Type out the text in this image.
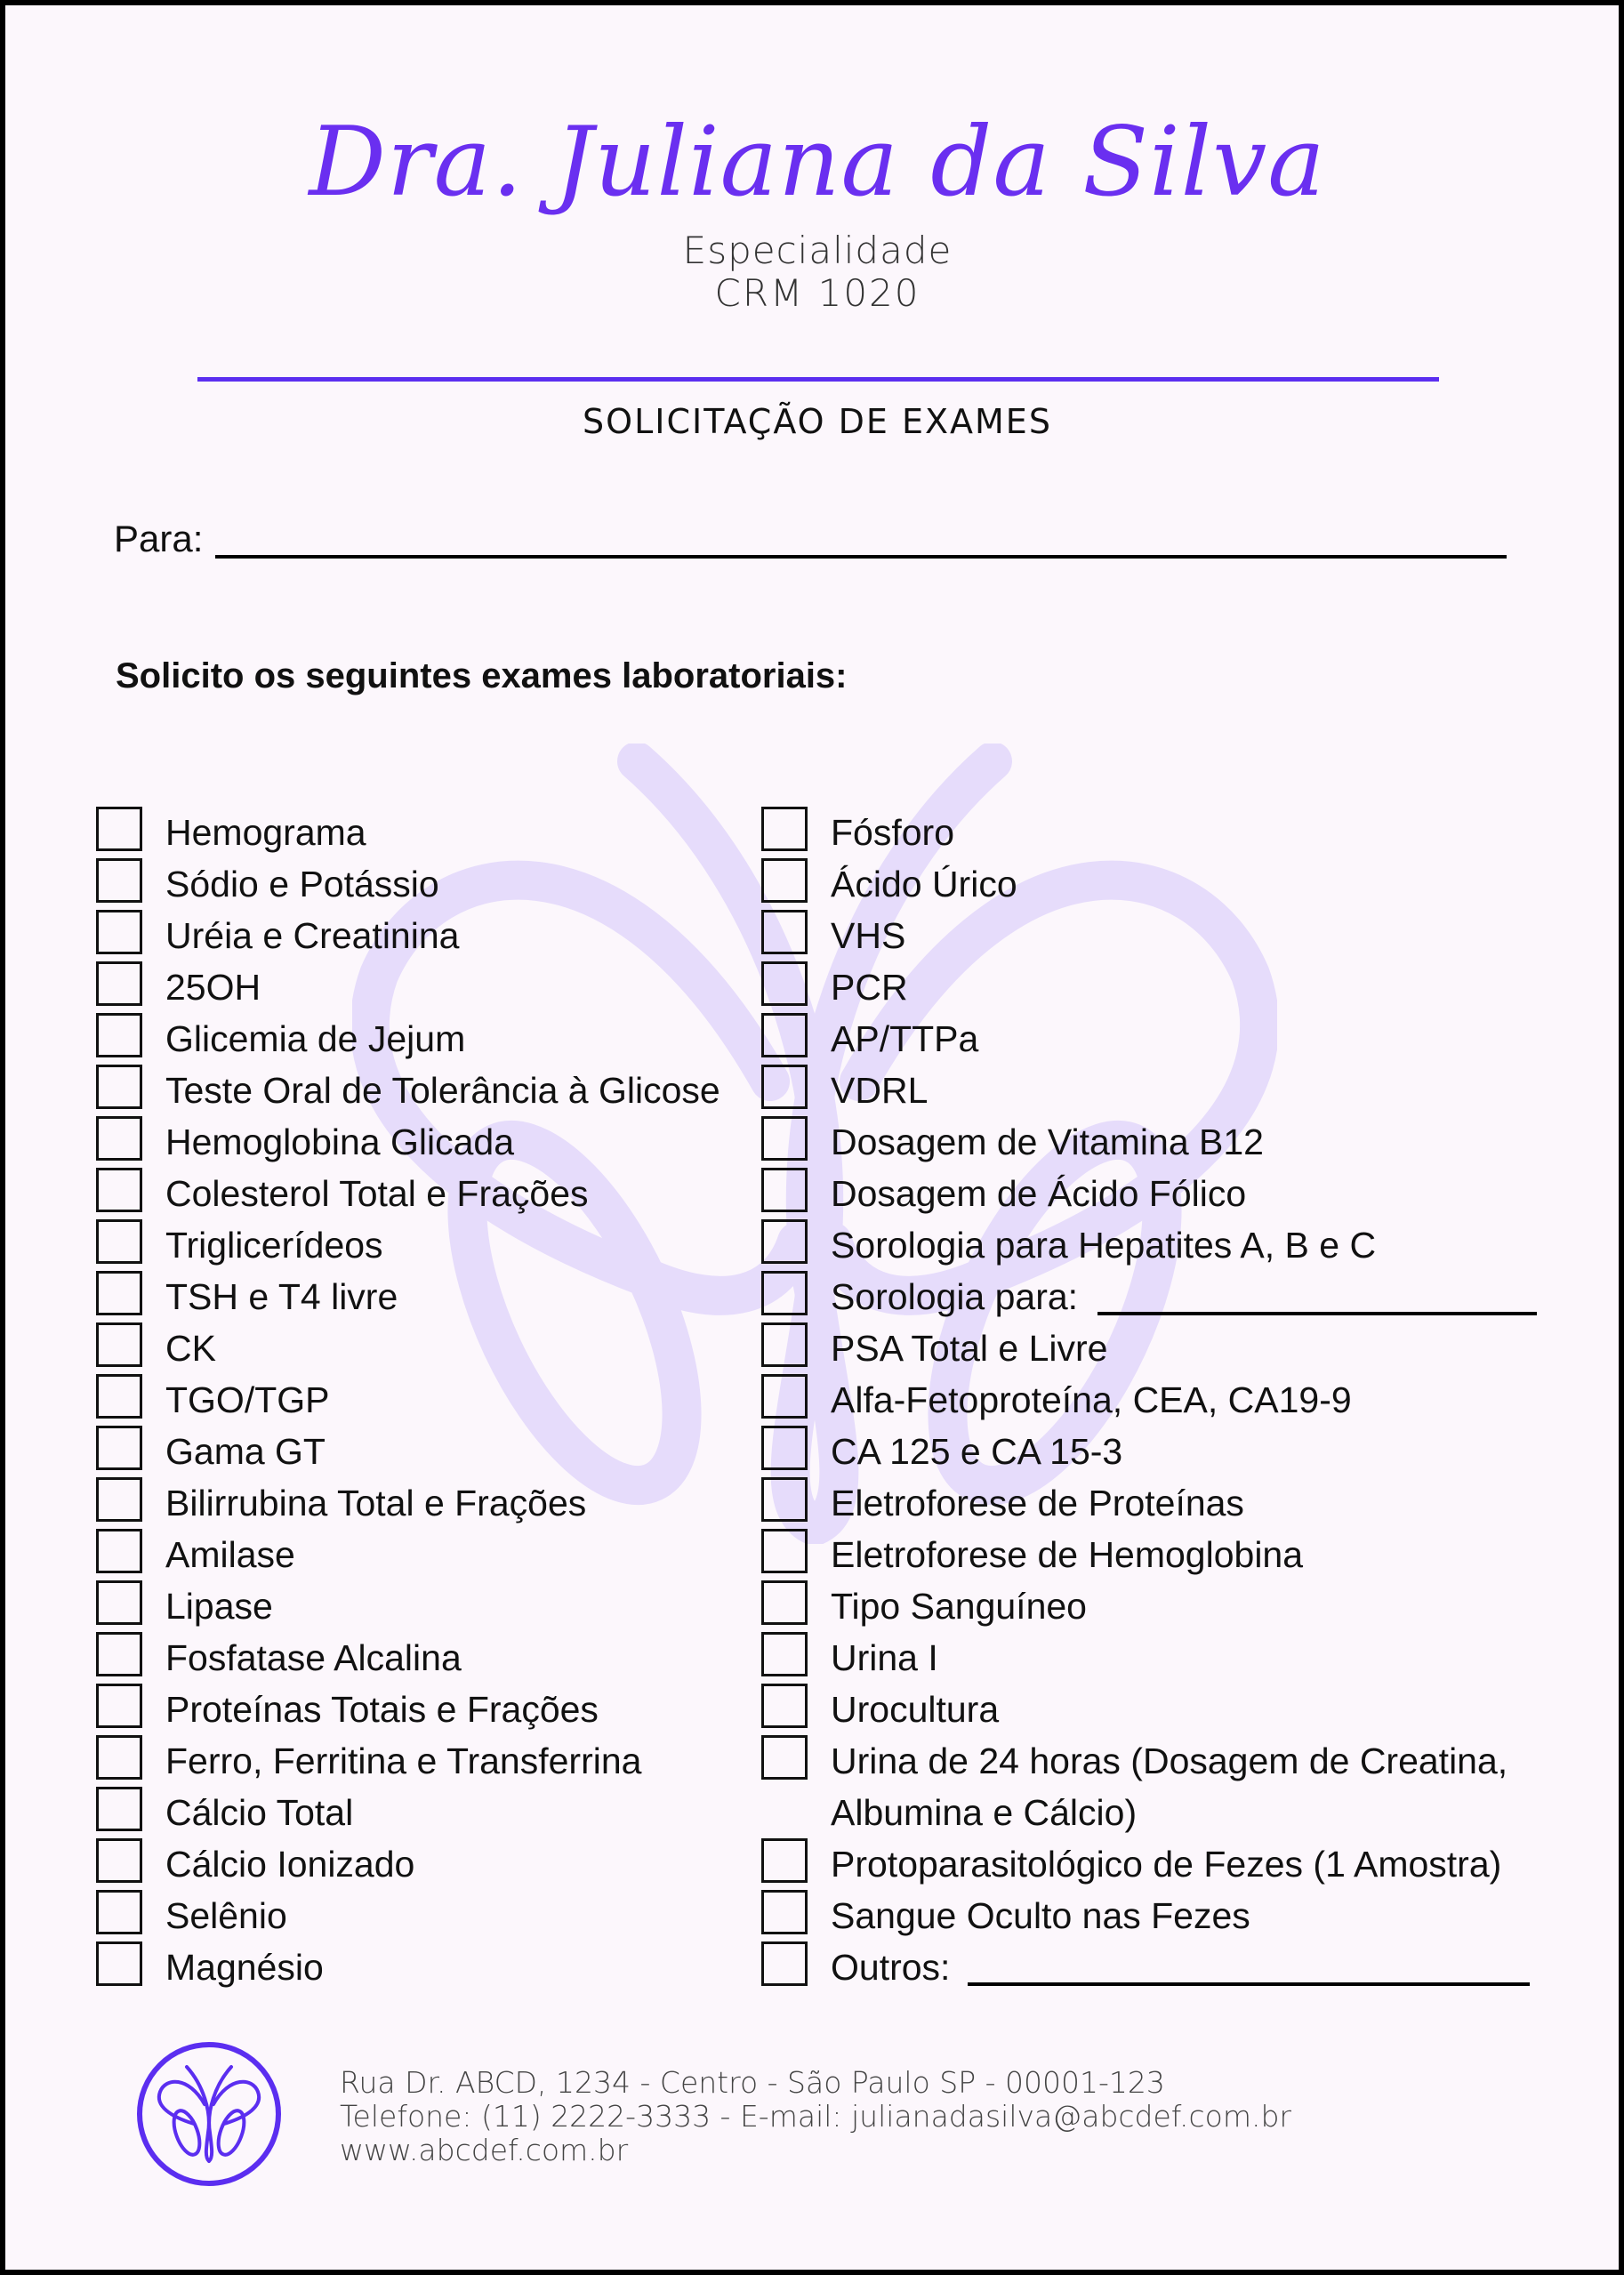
Dra. Juliana da Silva
Especialidade
CRM 1020
SOLICITAÇÃO DE EXAMES
Para:
Solicito os seguintes exames laboratoriais:
Hemograma
Sódio e Potássio
Uréia e Creatinina
25OH
Glicemia de Jejum
Teste Oral de Tolerância à Glicose
Hemoglobina Glicada
Colesterol Total e Frações
Triglicerídeos
TSH e T4 livre
CK
TGO/TGP
Gama GT
Bilirrubina Total e Frações
Amilase
Lipase
Fosfatase Alcalina
Proteínas Totais e Frações
Ferro, Ferritina e Transferrina
Cálcio Total
Cálcio Ionizado
Selênio
Magnésio
Fósforo
Ácido Úrico
VHS
PCR
AP/TTPa
VDRL
Dosagem de Vitamina B12
Dosagem de Ácido Fólico
Sorologia para Hepatites A, B e C
Sorologia para:
PSA Total e Livre
Alfa-Fetoproteína, CEA, CA19-9
CA 125 e CA 15-3
Eletroforese de Proteínas
Eletroforese de Hemoglobina
Tipo Sanguíneo
Urina I
Urocultura
Urina de 24 horas (Dosagem de Creatina, Albumina e Cálcio)
Protoparasitológico de Fezes (1 Amostra)
Sangue Oculto nas Fezes
Outros:
Rua Dr. ABCD, 1234 - Centro - São Paulo SP - 00001-123
Telefone: (11) 2222-3333 - E-mail: julianadasilva@abcdef.com.br
www.abcdef.com.br
